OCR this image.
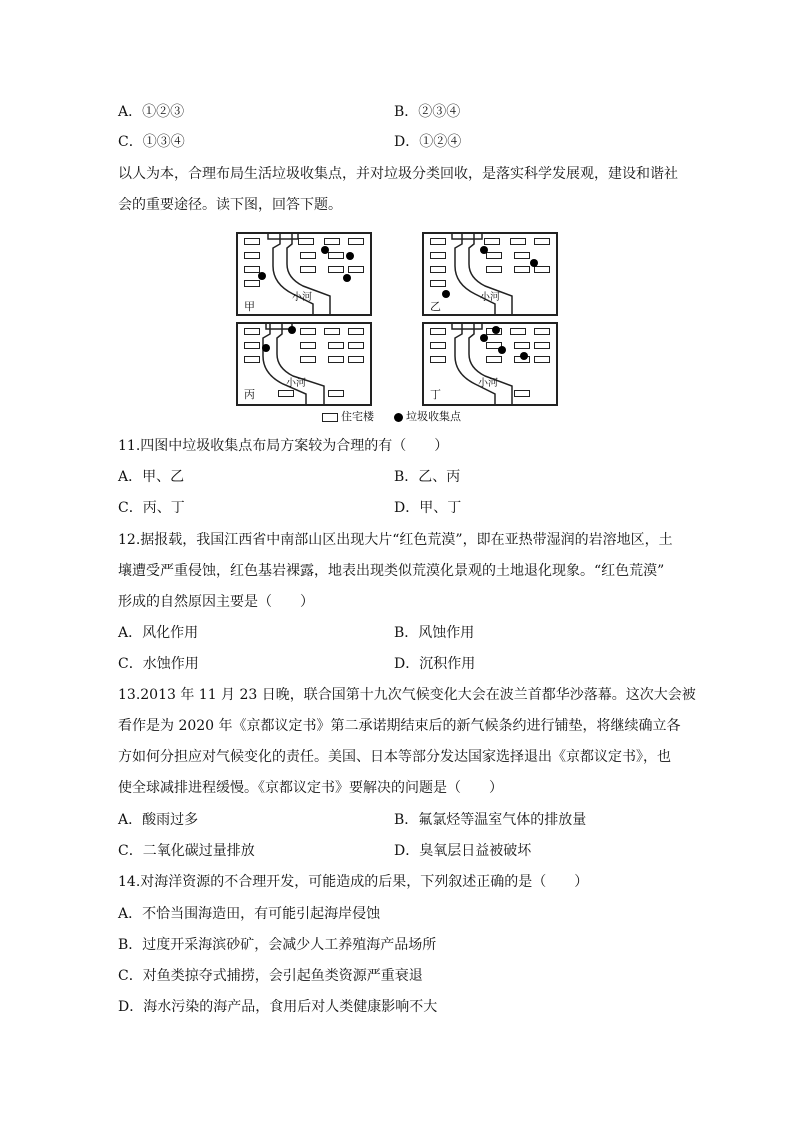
A．①②③	B．②③④
C．①③④	D．①②④
以人为本，合理布局生活垃圾收集点，并对垃圾分类回收，是落实科学发展观，建设和谐社
会的重要途径。读下图，回答下题。
甲
小河
乙
小河
丙
小河
丁
小河
住宅楼	垃圾收集点
11.四图中垃圾收集点布局方案较为合理的有（　　）
A．甲、乙	B．乙、丙
C．丙、丁	D．甲、丁
12.据报载，我国江西省中南部山区出现大片“红色荒漠”，即在亚热带湿润的岩溶地区，土
壤遭受严重侵蚀，红色基岩裸露，地表出现类似荒漠化景观的土地退化现象。“红色荒漠”
形成的自然原因主要是（　　）
A．风化作用	B．风蚀作用
C．水蚀作用	D．沉积作用
13.2013 年 11 月 23 日晚，联合国第十九次气候变化大会在波兰首都华沙落幕。这次大会被
看作是为 2020 年《京都议定书》第二承诺期结束后的新气候条约进行铺垫，将继续确立各
方如何分担应对气候变化的责任。美国、日本等部分发达国家选择退出《京都议定书》，也
使全球减排进程缓慢。《京都议定书》要解决的问题是（　　）
A．酸雨过多	B．氟氯烃等温室气体的排放量
C．二氧化碳过量排放	D．臭氧层日益被破坏
14.对海洋资源的不合理开发，可能造成的后果，下列叙述正确的是（　　）
A．不恰当围海造田，有可能引起海岸侵蚀
B．过度开采海滨砂矿，会减少人工养殖海产品场所
C．对鱼类掠夺式捕捞，会引起鱼类资源严重衰退
D．海水污染的海产品，食用后对人类健康影响不大
